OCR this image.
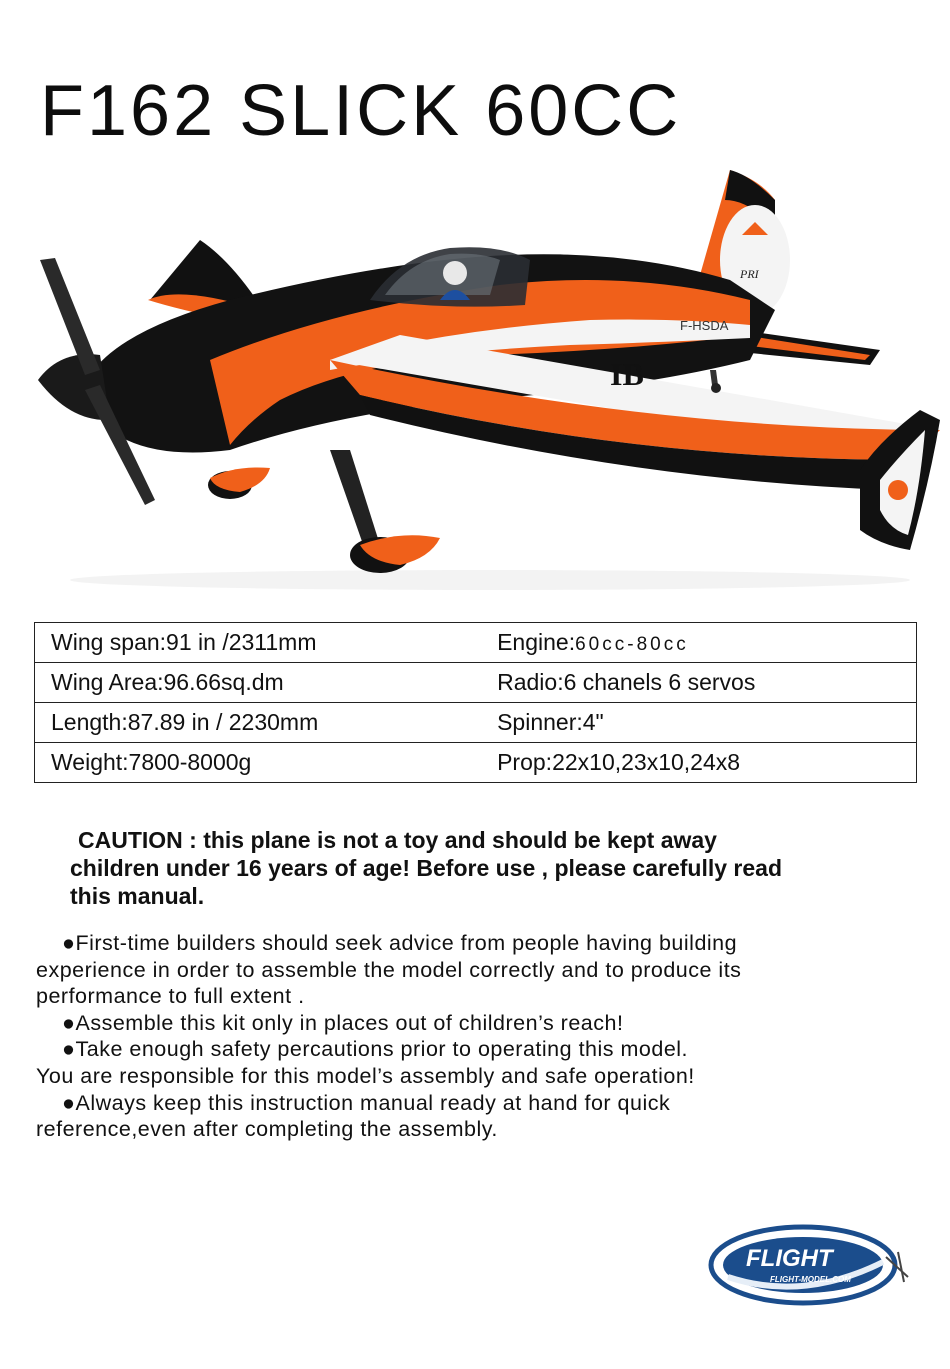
F162 SLICK 60CC
PRI
F-HSDA
IB
Wing span:91 in /2311mm	Engine:60cc-80cc
Wing Area:96.66sq.dm	Radio:6 chanels 6 servos
Length:87.89 in / 2230mm	Spinner:4"
Weight:7800-8000g	Prop:22x10,23x10,24x8
CAUTION : this plane is not a toy and should be kept away
children under 16 years of age! Before use , please carefully read
this manual.

●First-time builders should seek advice from people having building

experience in order to assemble the model correctly and to produce its

performance to full extent .

●Assemble this kit only in places out of children’s reach!

●Take enough safety percautions prior to operating this model.

You are responsible for this model’s assembly and safe operation!

●Always keep this instruction manual ready at hand for quick

reference,even after completing the assembly.

FLIGHT
FLIGHT-MODEL.COM
